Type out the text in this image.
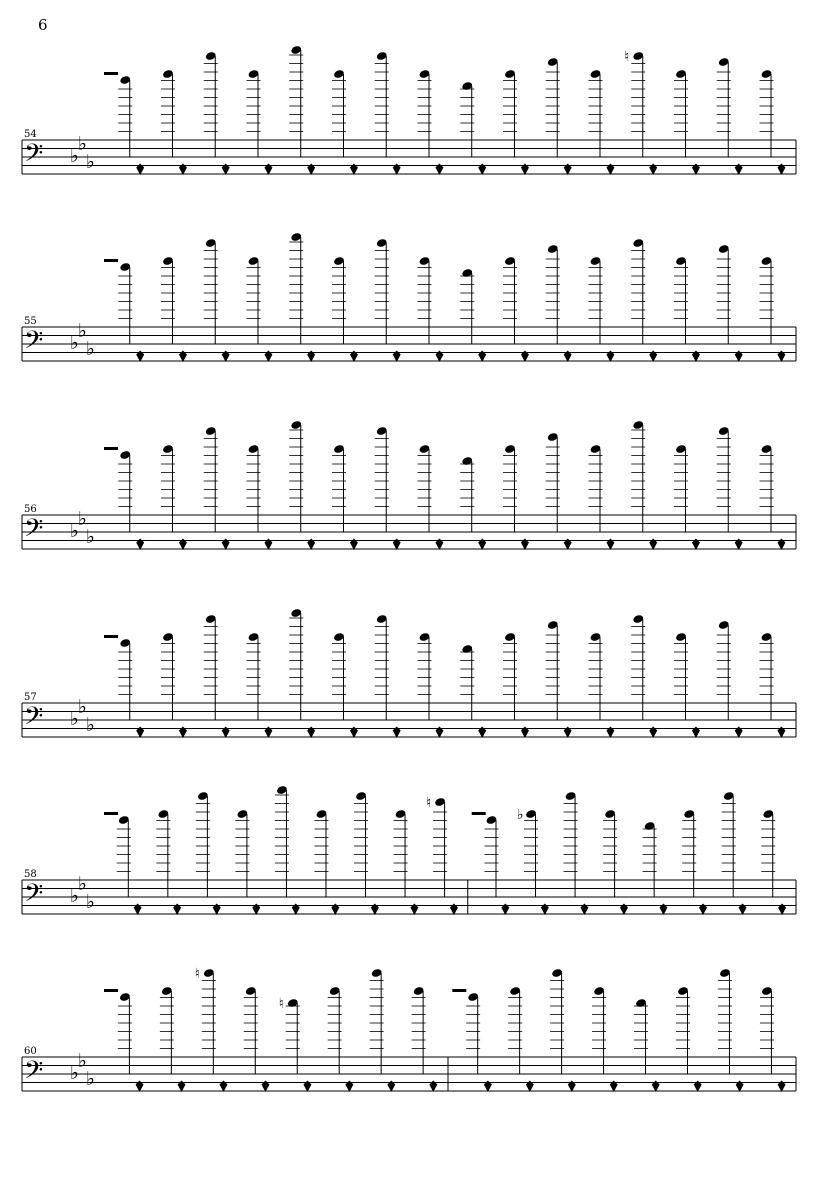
6
54
𝄢 ♭
♭
♭
♮
55
𝄢 ♭
♭
♭
56
𝄢 ♭
♭
♭
57
𝄢 ♭
♭
♭
58
𝄢 ♭
♭
♭
♮
♭
60
𝄢 ♭
♭
♭
♮
♮
